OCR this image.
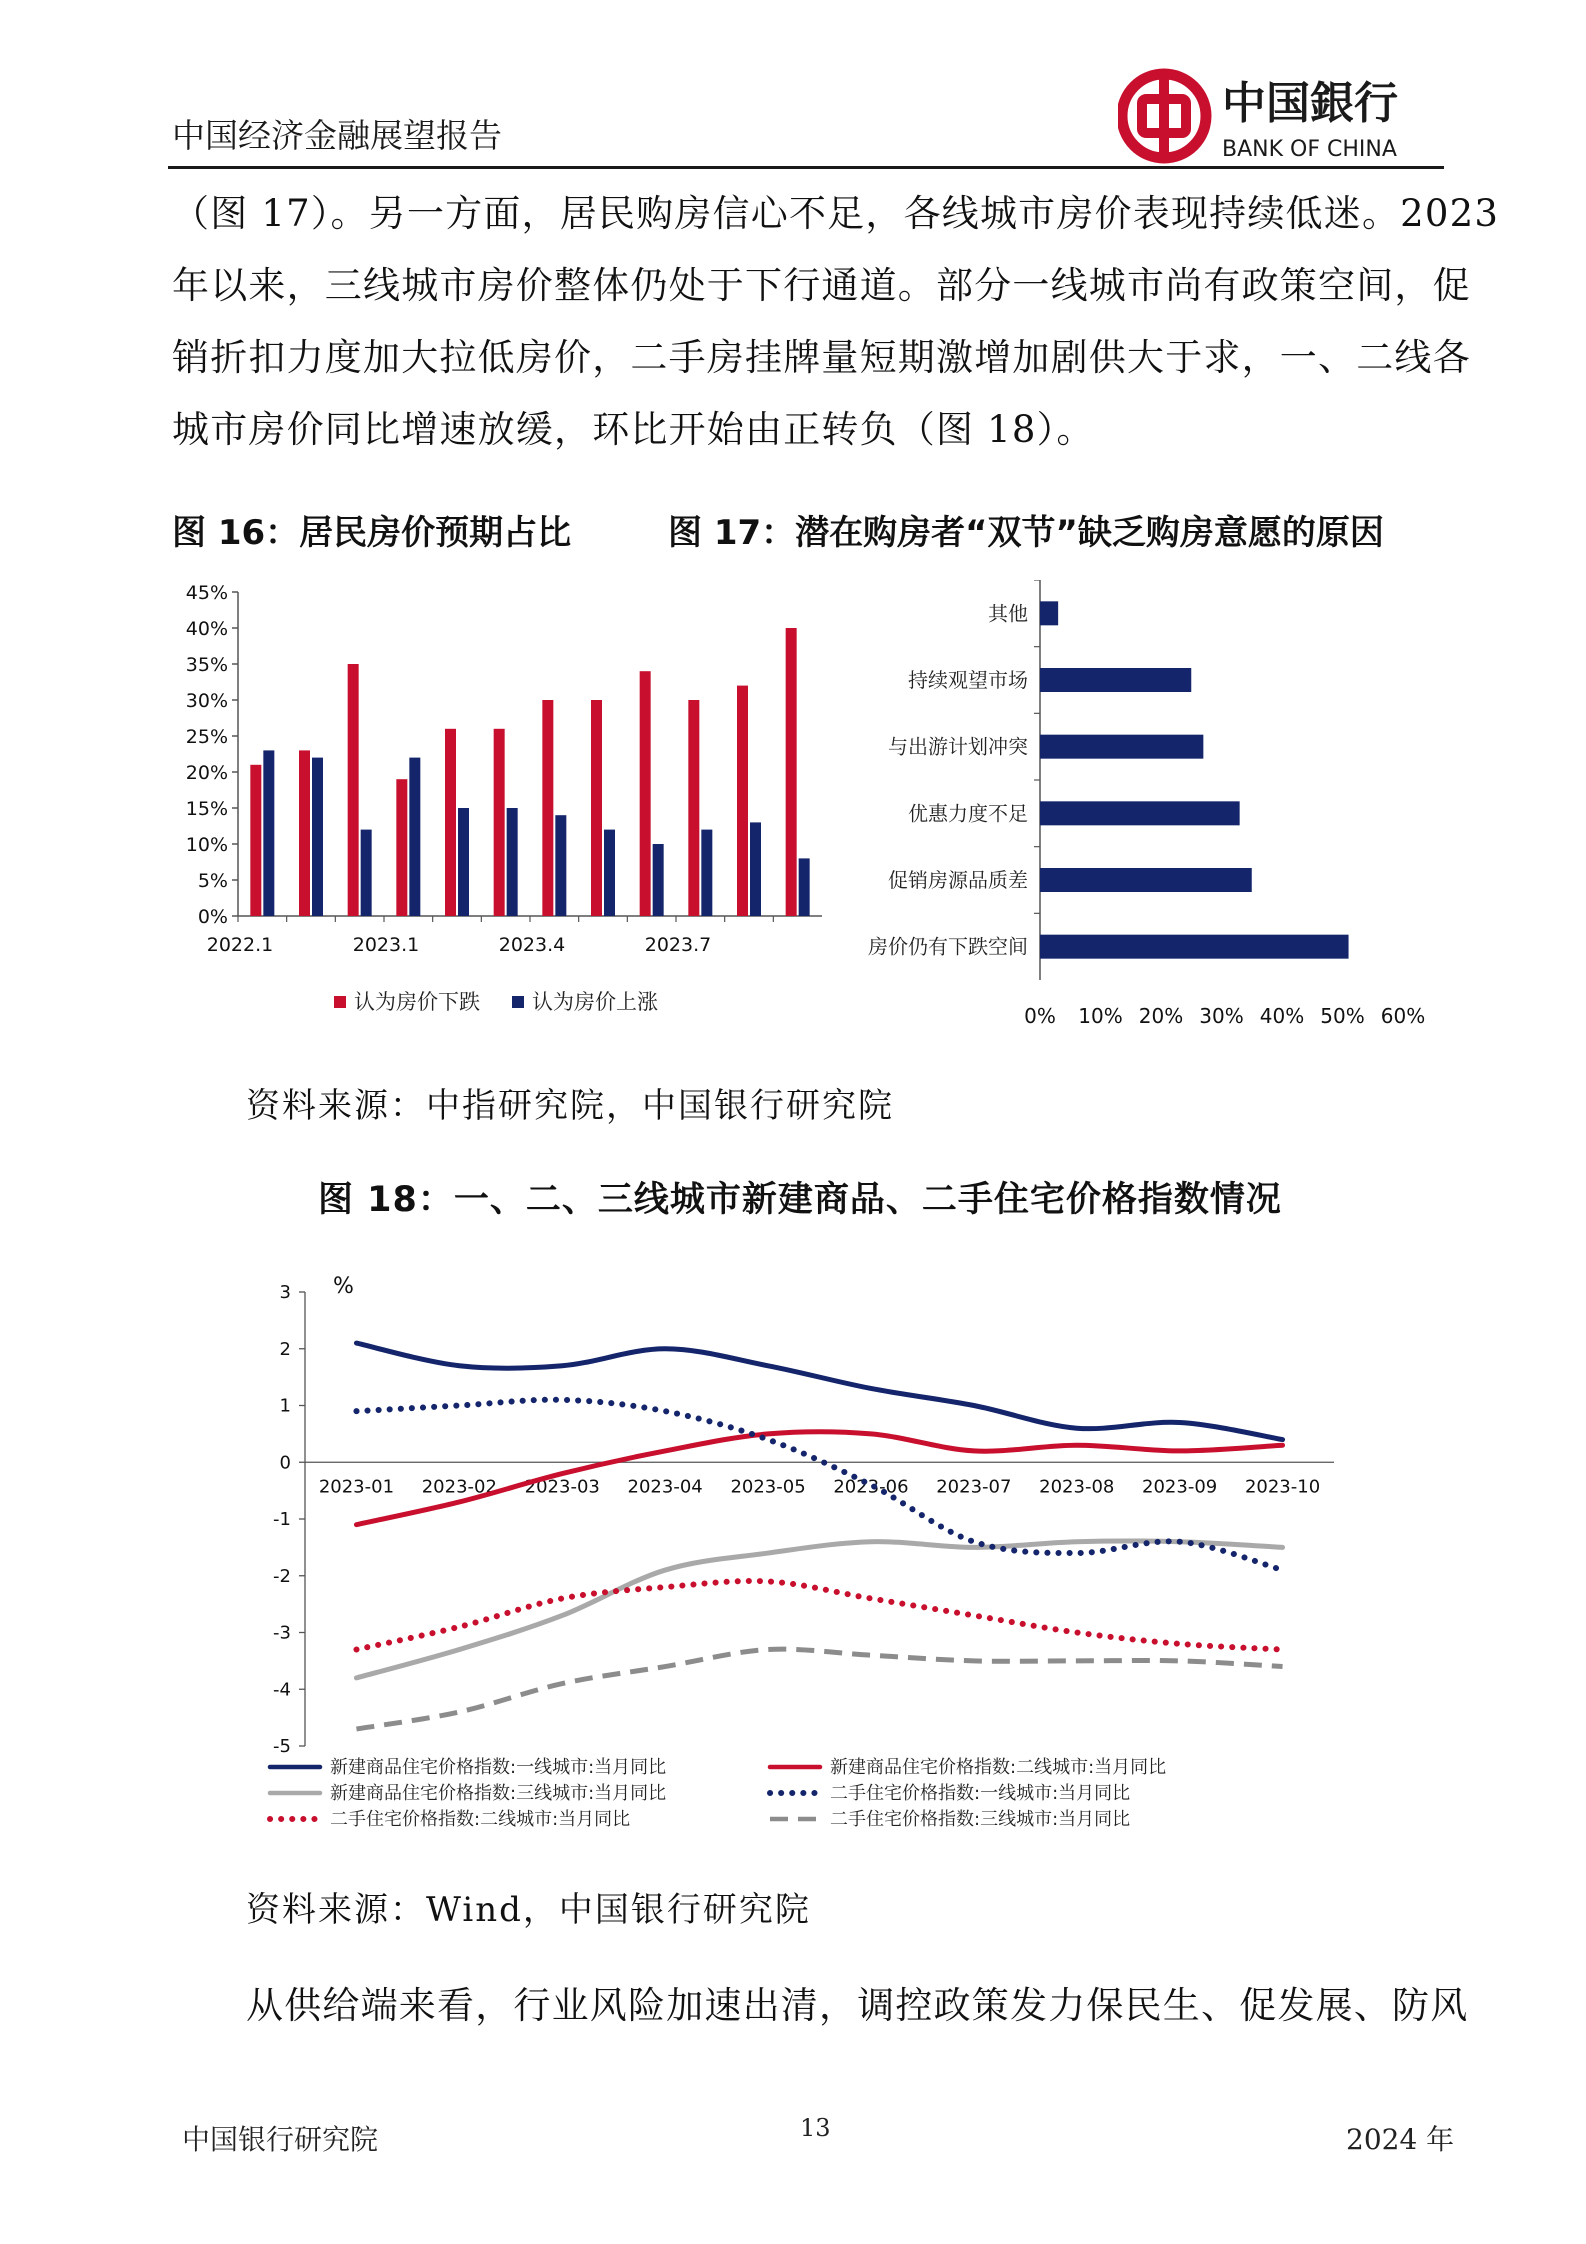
中国经济金融展望报告
中国銀行
BANK OF CHINA

（图 17）。另一方面，居民购房信心不足，各线城市房价表现持续低迷。2023

年以来，三线城市房价整体仍处于下行通道。部分一线城市尚有政策空间，促

销折扣力度加大拉低房价，二手房挂牌量短期激增加剧供大于求，一、二线各

城市房价同比增速放缓，环比开始由正转负（图 18）。

图 16：居民房价预期占比	图 17：潜在购房者“双节”缺乏购房意愿的原因
0%
5%
10%
15%
20%
25%
30%
35%
40%
45%
2022.1	2023.1	2023.4	2023.7
认为房价下跌 认为房价上涨
其他
持续观望市场
与出游计划冲突
优惠力度不足
促销房源品质差
房价仍有下跌空间
0% 10% 20% 30% 40% 50% 60%
资料来源：中指研究院，中国银行研究院
图 18：一、二、三线城市新建商品、二手住宅价格指数情况
3
2
1
0
-1
-2
-3
-4
-5
%
2023-01 2023-02 2023-03 2023-04 2023-05 2023-06 2023-07 2023-08 2023-09 2023-10
新建商品住宅价格指数:一线城市:当月同比	新建商品住宅价格指数:二线城市:当月同比
新建商品住宅价格指数:三线城市:当月同比	二手住宅价格指数:一线城市:当月同比
二手住宅价格指数:二线城市:当月同比	二手住宅价格指数:三线城市:当月同比
资料来源：Wind，中国银行研究院

从供给端来看，行业风险加速出清，调控政策发力保民生、促发展、防风

中国银行研究院	13	2024 年
